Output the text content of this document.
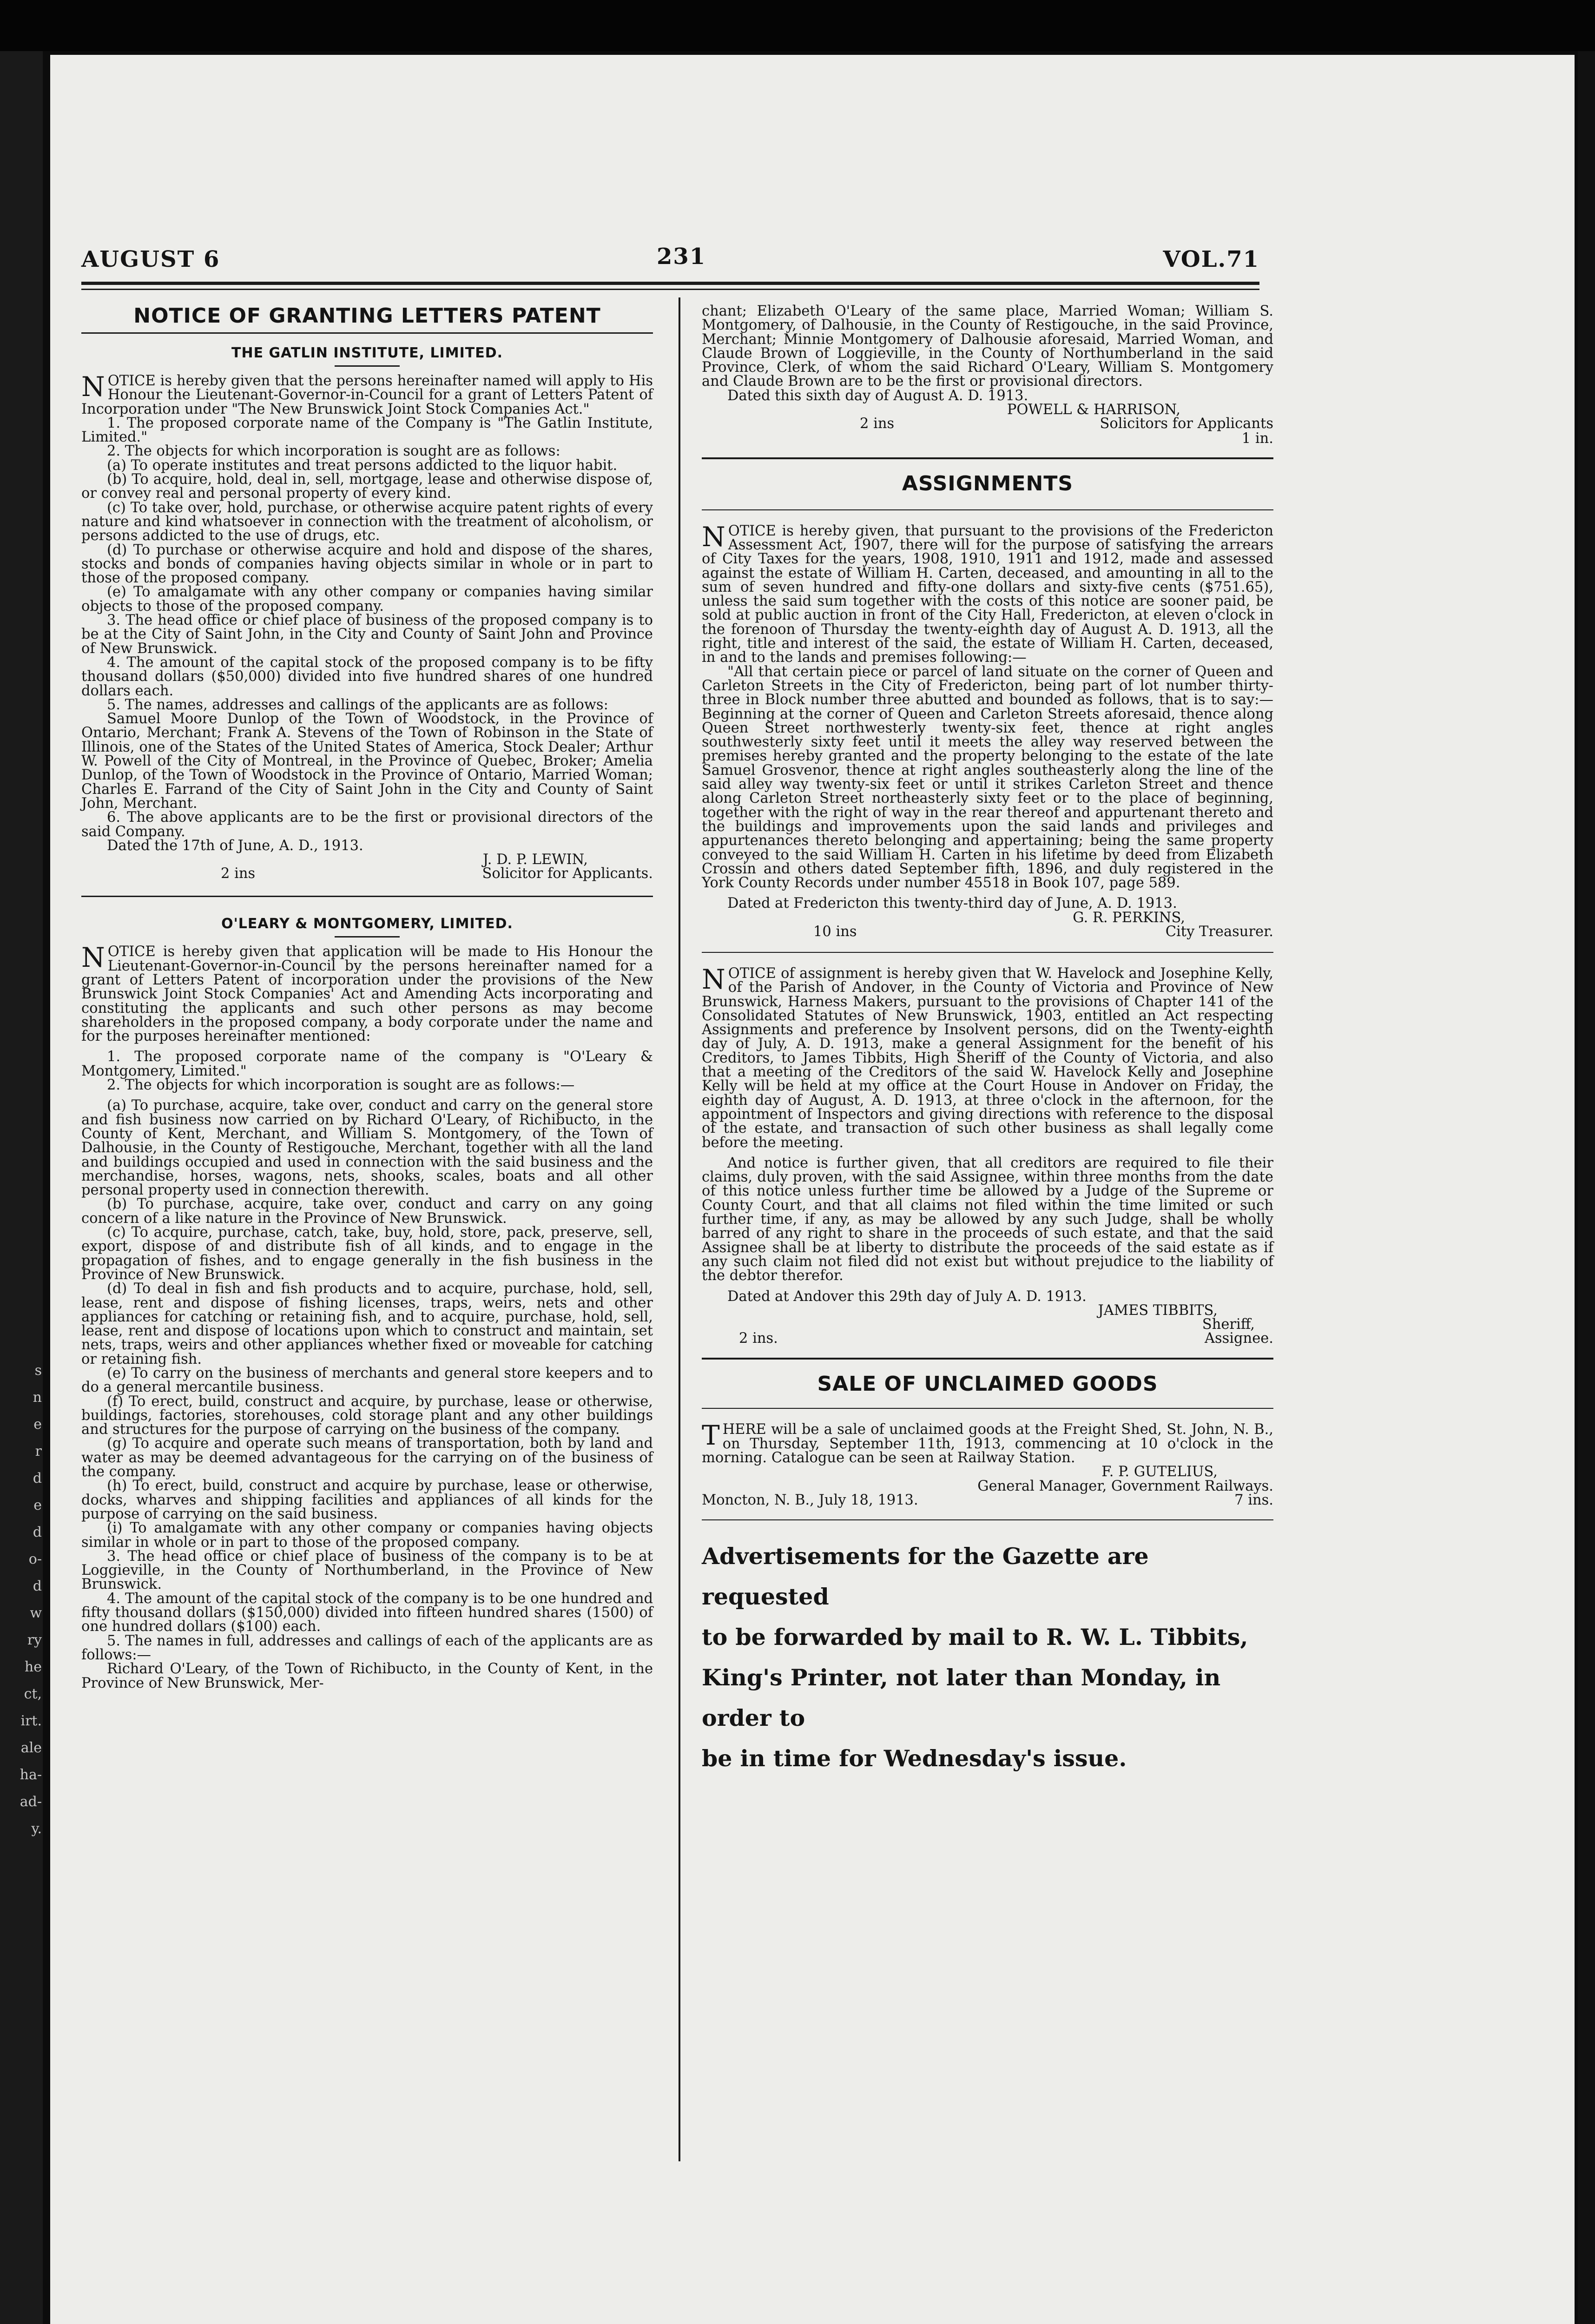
s
n
e
r
d
e
d
o-
d
w
ry
he
ct,
irt.
ale
ha-
ad-
y.
AUGUST 6	231	VOL.71
NOTICE OF GRANTING LETTERS PATENT
THE GATLIN INSTITUTE, LIMITED.

NOTICE is hereby given that the persons hereinafter named will apply to His Honour the Lieutenant-Governor-in-Council for a grant of Letters Patent of Incorporation under "The New Brunswick Joint Stock Companies Act."

1. The proposed corporate name of the Company is "The Gatlin Institute, Limited."

2. The objects for which incorporation is sought are as follows:

(a) To operate institutes and treat persons addicted to the liquor habit.

(b) To acquire, hold, deal in, sell, mortgage, lease and otherwise dispose of, or convey real and personal property of every kind.

(c) To take over, hold, purchase, or otherwise acquire patent rights of every nature and kind whatsoever in connection with the treatment of alcoholism, or persons addicted to the use of drugs, etc.

(d) To purchase or otherwise acquire and hold and dispose of the shares, stocks and bonds of companies having objects similar in whole or in part to those of the proposed company.

(e) To amalgamate with any other company or companies having similar objects to those of the proposed company.

3. The head office or chief place of business of the proposed company is to be at the City of Saint John, in the City and County of Saint John and Province of New Brunswick.

4. The amount of the capital stock of the proposed company is to be fifty thousand dollars ($50,000) divided into five hundred shares of one hundred dollars each.

5. The names, addresses and callings of the applicants are as follows:

Samuel Moore Dunlop of the Town of Woodstock, in the Province of Ontario, Merchant; Frank A. Stevens of the Town of Robinson in the State of Illinois, one of the States of the United States of America, Stock Dealer; Arthur W. Powell of the City of Montreal, in the Province of Quebec, Broker; Amelia Dunlop, of the Town of Woodstock in the Province of Ontario, Married Woman; Charles E. Farrand of the City of Saint John in the City and County of Saint John, Merchant.

6. The above applicants are to be the first or provisional directors of the said Company.

Dated the 17th of June, A. D., 1913.

J. D. P. LEWIN,

2 ins	Solicitor for Applicants.
O'LEARY & MONTGOMERY, LIMITED.

NOTICE is hereby given that application will be made to His Honour the Lieutenant-Governor-in-Council by the persons hereinafter named for a grant of Letters Patent of incorporation under the provisions of the New Brunswick Joint Stock Companies' Act and Amending Acts incorporating and constituting the applicants and such other persons as may become shareholders in the proposed company, a body corporate under the name and for the purposes hereinafter mentioned:

1. The proposed corporate name of the company is "O'Leary & Montgomery, Limited."

2. The objects for which incorporation is sought are as follows:—

(a) To purchase, acquire, take over, conduct and carry on the general store and fish business now carried on by Richard O'Leary, of Richibucto, in the County of Kent, Merchant, and William S. Montgomery, of the Town of Dalhousie, in the County of Restigouche, Merchant, together with all the land and buildings occupied and used in connection with the said business and the merchandise, horses, wagons, nets, shooks, scales, boats and all other personal property used in connection therewith.

(b) To purchase, acquire, take over, conduct and carry on any going concern of a like nature in the Province of New Brunswick.

(c) To acquire, purchase, catch, take, buy, hold, store, pack, preserve, sell, export, dispose of and distribute fish of all kinds, and to engage in the propagation of fishes, and to engage generally in the fish business in the Province of New Brunswick.

(d) To deal in fish and fish products and to acquire, purchase, hold, sell, lease, rent and dispose of fishing licenses, traps, weirs, nets and other appliances for catching or retaining fish, and to acquire, purchase, hold, sell, lease, rent and dispose of locations upon which to construct and maintain, set nets, traps, weirs and other appliances whether fixed or moveable for catching or retaining fish.

(e) To carry on the business of merchants and general store keepers and to do a general mercantile business.

(f) To erect, build, construct and acquire, by purchase, lease or otherwise, buildings, factories, storehouses, cold storage plant and any other buildings and structures for the purpose of carrying on the business of the company.

(g) To acquire and operate such means of transportation, both by land and water as may be deemed advantageous for the carrying on of the business of the company.

(h) To erect, build, construct and acquire by purchase, lease or otherwise, docks, wharves and shipping facilities and appliances of all kinds for the purpose of carrying on the said business.

(i) To amalgamate with any other company or companies having objects similar in whole or in part to those of the proposed company.

3. The head office or chief place of business of the company is to be at Loggieville, in the County of Northumberland, in the Province of New Brunswick.

4. The amount of the capital stock of the company is to be one hundred and fifty thousand dollars ($150,000) divided into fifteen hundred shares (1500) of one hundred dollars ($100) each.

5. The names in full, addresses and callings of each of the applicants are as follows:—

Richard O'Leary, of the Town of Richibucto, in the County of Kent, in the Province of New Brunswick, Mer-

chant; Elizabeth O'Leary of the same place, Married Woman; William S. Montgomery, of Dalhousie, in the County of Restigouche, in the said Province, Merchant; Minnie Montgomery of Dalhousie aforesaid, Married Woman, and Claude Brown of Loggieville, in the County of Northumberland in the said Province, Clerk, of whom the said Richard O'Leary, William S. Montgomery and Claude Brown are to be the first or provisional directors.

Dated this sixth day of August A. D. 1913.

POWELL & HARRISON,

2 ins	Solicitors for Applicants

1 in.

ASSIGNMENTS

NOTICE is hereby given, that pursuant to the provisions of the Fredericton Assessment Act, 1907, there will for the purpose of satisfying the arrears of City Taxes for the years, 1908, 1910, 1911 and 1912, made and assessed against the estate of William H. Carten, deceased, and amounting in all to the sum of seven hundred and fifty-one dollars and sixty-five cents ($751.65), unless the said sum together with the costs of this notice are sooner paid, be sold at public auction in front of the City Hall, Fredericton, at eleven o'clock in the forenoon of Thursday the twenty-eighth day of August A. D. 1913, all the right, title and interest of the said, the estate of William H. Carten, deceased, in and to the lands and premises following:—

"All that certain piece or parcel of land situate on the corner of Queen and Carleton Streets in the City of Fredericton, being part of lot number thirty-three in Block number three abutted and bounded as follows, that is to say:— Beginning at the corner of Queen and Carleton Streets aforesaid, thence along Queen Street northwesterly twenty-six feet, thence at right angles southwesterly sixty feet until it meets the alley way reserved between the premises hereby granted and the property belonging to the estate of the late Samuel Grosvenor, thence at right angles southeasterly along the line of the said alley way twenty-six feet or until it strikes Carleton Street and thence along Carleton Street northeasterly sixty feet or to the place of beginning, together with the right of way in the rear thereof and appurtenant thereto and the buildings and improvements upon the said lands and privileges and appurtenances thereto belonging and appertaining; being the same property conveyed to the said William H. Carten in his lifetime by deed from Elizabeth Crossin and others dated September fifth, 1896, and duly registered in the York County Records under number 45518 in Book 107, page 589.

Dated at Fredericton this twenty-third day of June, A. D. 1913.

G. R. PERKINS,

10 ins	City Treasurer.

NOTICE of assignment is hereby given that W. Havelock and Josephine Kelly, of the Parish of Andover, in the County of Victoria and Province of New Brunswick, Harness Makers, pursuant to the provisions of Chapter 141 of the Consolidated Statutes of New Brunswick, 1903, entitled an Act respecting Assignments and preference by Insolvent persons, did on the Twenty-eighth day of July, A. D. 1913, make a general Assignment for the benefit of his Creditors, to James Tibbits, High Sheriff of the County of Victoria, and also that a meeting of the Creditors of the said W. Havelock Kelly and Josephine Kelly will be held at my office at the Court House in Andover on Friday, the eighth day of August, A. D. 1913, at three o'clock in the afternoon, for the appointment of Inspectors and giving directions with reference to the disposal of the estate, and transaction of such other business as shall legally come before the meeting.

And notice is further given, that all creditors are required to file their claims, duly proven, with the said Assignee, within three months from the date of this notice unless further time be allowed by a Judge of the Supreme or County Court, and that all claims not filed within the time limited or such further time, if any, as may be allowed by any such Judge, shall be wholly barred of any right to share in the proceeds of such estate, and that the said Assignee shall be at liberty to distribute the proceeds of the said estate as if any such claim not filed did not exist but without prejudice to the liability of the debtor therefor.

Dated at Andover this 29th day of July A. D. 1913.

JAMES TIBBITS,

Sheriff,

2 ins.	Assignee.
SALE OF UNCLAIMED GOODS

THERE will be a sale of unclaimed goods at the Freight Shed, St. John, N. B., on Thursday, September 11th, 1913, commencing at 10 o'clock in the morning. Catalogue can be seen at Railway Station.

F. P. GUTELIUS,

General Manager, Government Railways.

Moncton, N. B., July 18, 1913.	7 ins.
Advertisements for the Gazette are requested
to be forwarded by mail to R. W. L. Tibbits,
King's Printer, not later than Monday, in order to
be in time for Wednesday's issue.
